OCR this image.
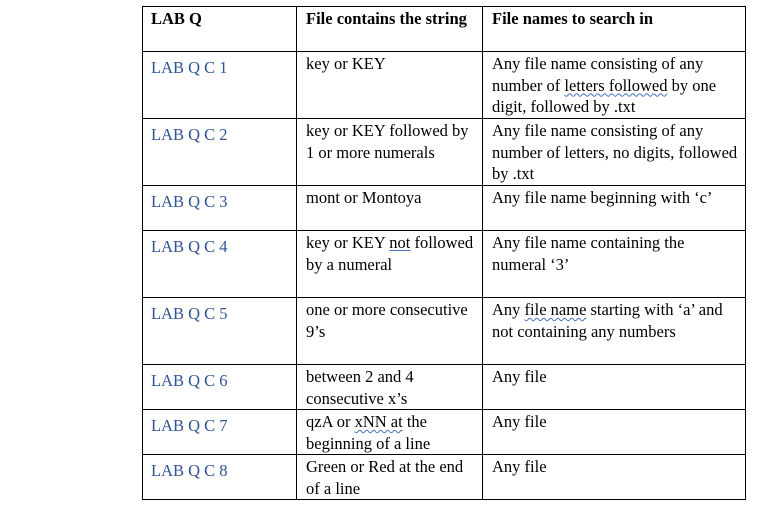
LAB Q	File contains the string	File names to search in
LAB Q C 1	key or KEY	Any file name consisting of any number of letters followed by one digit, followed by .txt
LAB Q C 2	key or KEY followed by 1 or more numerals	Any file name consisting of any number of letters, no digits, followed by .txt
LAB Q C 3	mont or Montoya	Any file name beginning with ‘c’
LAB Q C 4	key or KEY not followed by a numeral	Any file name containing the numeral ‘3’
LAB Q C 5	one or more consecutive 9’s	Any file name starting with ‘a’ and not containing any numbers
LAB Q C 6	between 2 and 4 consecutive x’s	Any file
LAB Q C 7	qzA or xNN at the beginning of a line	Any file
LAB Q C 8	Green or Red at the end of a line	Any file
